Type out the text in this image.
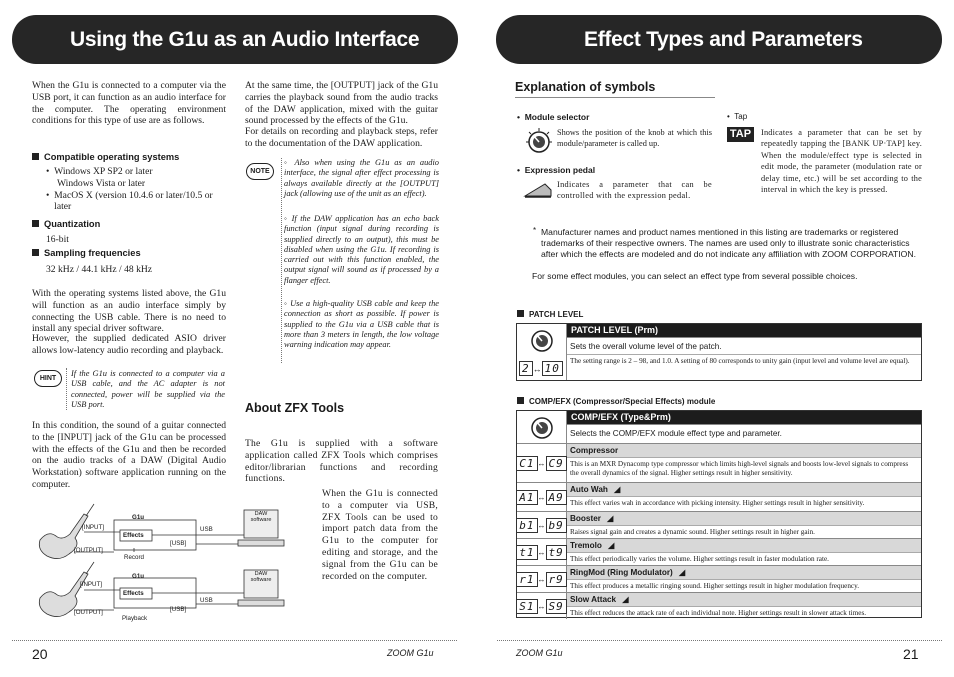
Using the G1u as an Audio Interface
When the G1u is connected to a computer via the USB port, it can function as an audio interface for the computer. The operating environment conditions for this type of use are as follows.
Compatible operating systems
•  Windows XP SP2 or later
Windows Vista or later
• MacOS X (version 10.4.6 or later/10.5 or later
Quantization
16-bit
Sampling frequencies
32 kHz / 44.1 kHz / 48 kHz
With the operating systems listed above, the G1u will function as an audio interface simply by connecting the USB cable. There is no need to install any special driver software.
However, the supplied dedicated ASIO driver allows low-latency audio recording and playback.
HINT
If the G1u is connected to a computer via a USB cable, and the AC adapter is not connected, power will be supplied via the USB port.
In this condition, the sound of a guitar connected to the [INPUT] jack of the G1u can be processed with the effects of the G1u and then be recorded on the audio tracks of a DAW (Digital Audio Workstation) software application running on the computer.
At the same time, the [OUTPUT] jack of the G1u carries the playback sound from the audio tracks of the DAW application, mixed with the guitar sound processed by the effects of the G1u.
For details on recording and playback steps, refer to the documentation of the DAW application.
NOTE
◦ Also when using the G1u as an audio interface, the signal after effect processing is always available directly at the [OUTPUT] jack (allowing use of the unit as an effect).
◦ If the DAW application has an echo back function (input signal during recording is supplied directly to an output), this must be disabled when using the G1u. If recording is carried out with this function enabled, the output signal will sound as if processed by a flanger effect.
◦ Use a high-quality USB cable and keep the connection as short as possible. If power is supplied to the G1u via a USB cable that is more than 3 meters in length, the low voltage warning indication may appear.
About ZFX Tools
The G1u is supplied with a software application called ZFX Tools which comprises editor/librarian functions and recording functions.
When the G1u is connected to a computer via USB, ZFX Tools can be used to import patch data from the G1u to the computer for editing and storage, and the signal from the G1u can be recorded on the computer.
G1u
Effects
[INPUT]
[OUTPUT]
[USB]
USB
DAW
software
Record
G1u
Effects
[INPUT]
[OUTPUT]	[USB]
USB
DAW
software
Playback
20	ZOOM G1u
Effect Types and Parameters
Explanation of symbols
•  Module selector
Shows the position of the knob at which this module/parameter is called up.
•  Expression pedal
Indicates a parameter that can be controlled with the expression pedal.
•  Tap
TAP	Indicates a parameter that can be set by repeatedly tapping the [BANK UP·TAP] key. When the module/effect type is selected in edit mode, the parameter (modulation rate or delay time, etc.) will be set according to the interval in which the key is pressed.
* Manufacturer names and product names mentioned in this listing are trademarks or registered trademarks of their respective owners. The names are used only to illustrate sonic characteristics after which the effects are modeled and do not indicate any affiliation with ZOOM CORPORATION.
For some effect modules, you can select an effect type from several possible choices.
PATCH LEVEL
2 ↔ 10
PATCH LEVEL (Prm)
Sets the overall volume level of the patch.
The setting range is 2 – 98, and 1.0. A setting of 80 corresponds to unity gain (input level and volume level are equal).
COMP/EFX (Compressor/Special Effects) module
COMP/EFX (Type&Prm)
Selects the COMP/EFX module effect type and parameter.
C1 ↔ C9
Compressor
This is an MXR Dynacomp type compressor which limits high-level signals and boosts low-level signals to compress the overall dynamics of the signal. Higher settings result in higher sensitivity.
A1 ↔ A9
Auto Wah ◢
This effect varies wah in accordance with picking intensity. Higher settings result in higher sensitivity.
b1 ↔ b9 Booster ◢
Raises signal gain and creates a dynamic sound. Higher settings result in higher gain.
t1 ↔ t9 Tremolo ◢
This effect periodically varies the volume. Higher settings result in faster modulation rate.
r1 ↔ r9 RingMod (Ring Modulator) ◢
This effect produces a metallic ringing sound. Higher settings result in higher modulation frequency.
S1 ↔ S9 Slow Attack ◢
This effect reduces the attack rate of each individual note. Higher settings result in slower attack times.
ZOOM G1u	21
